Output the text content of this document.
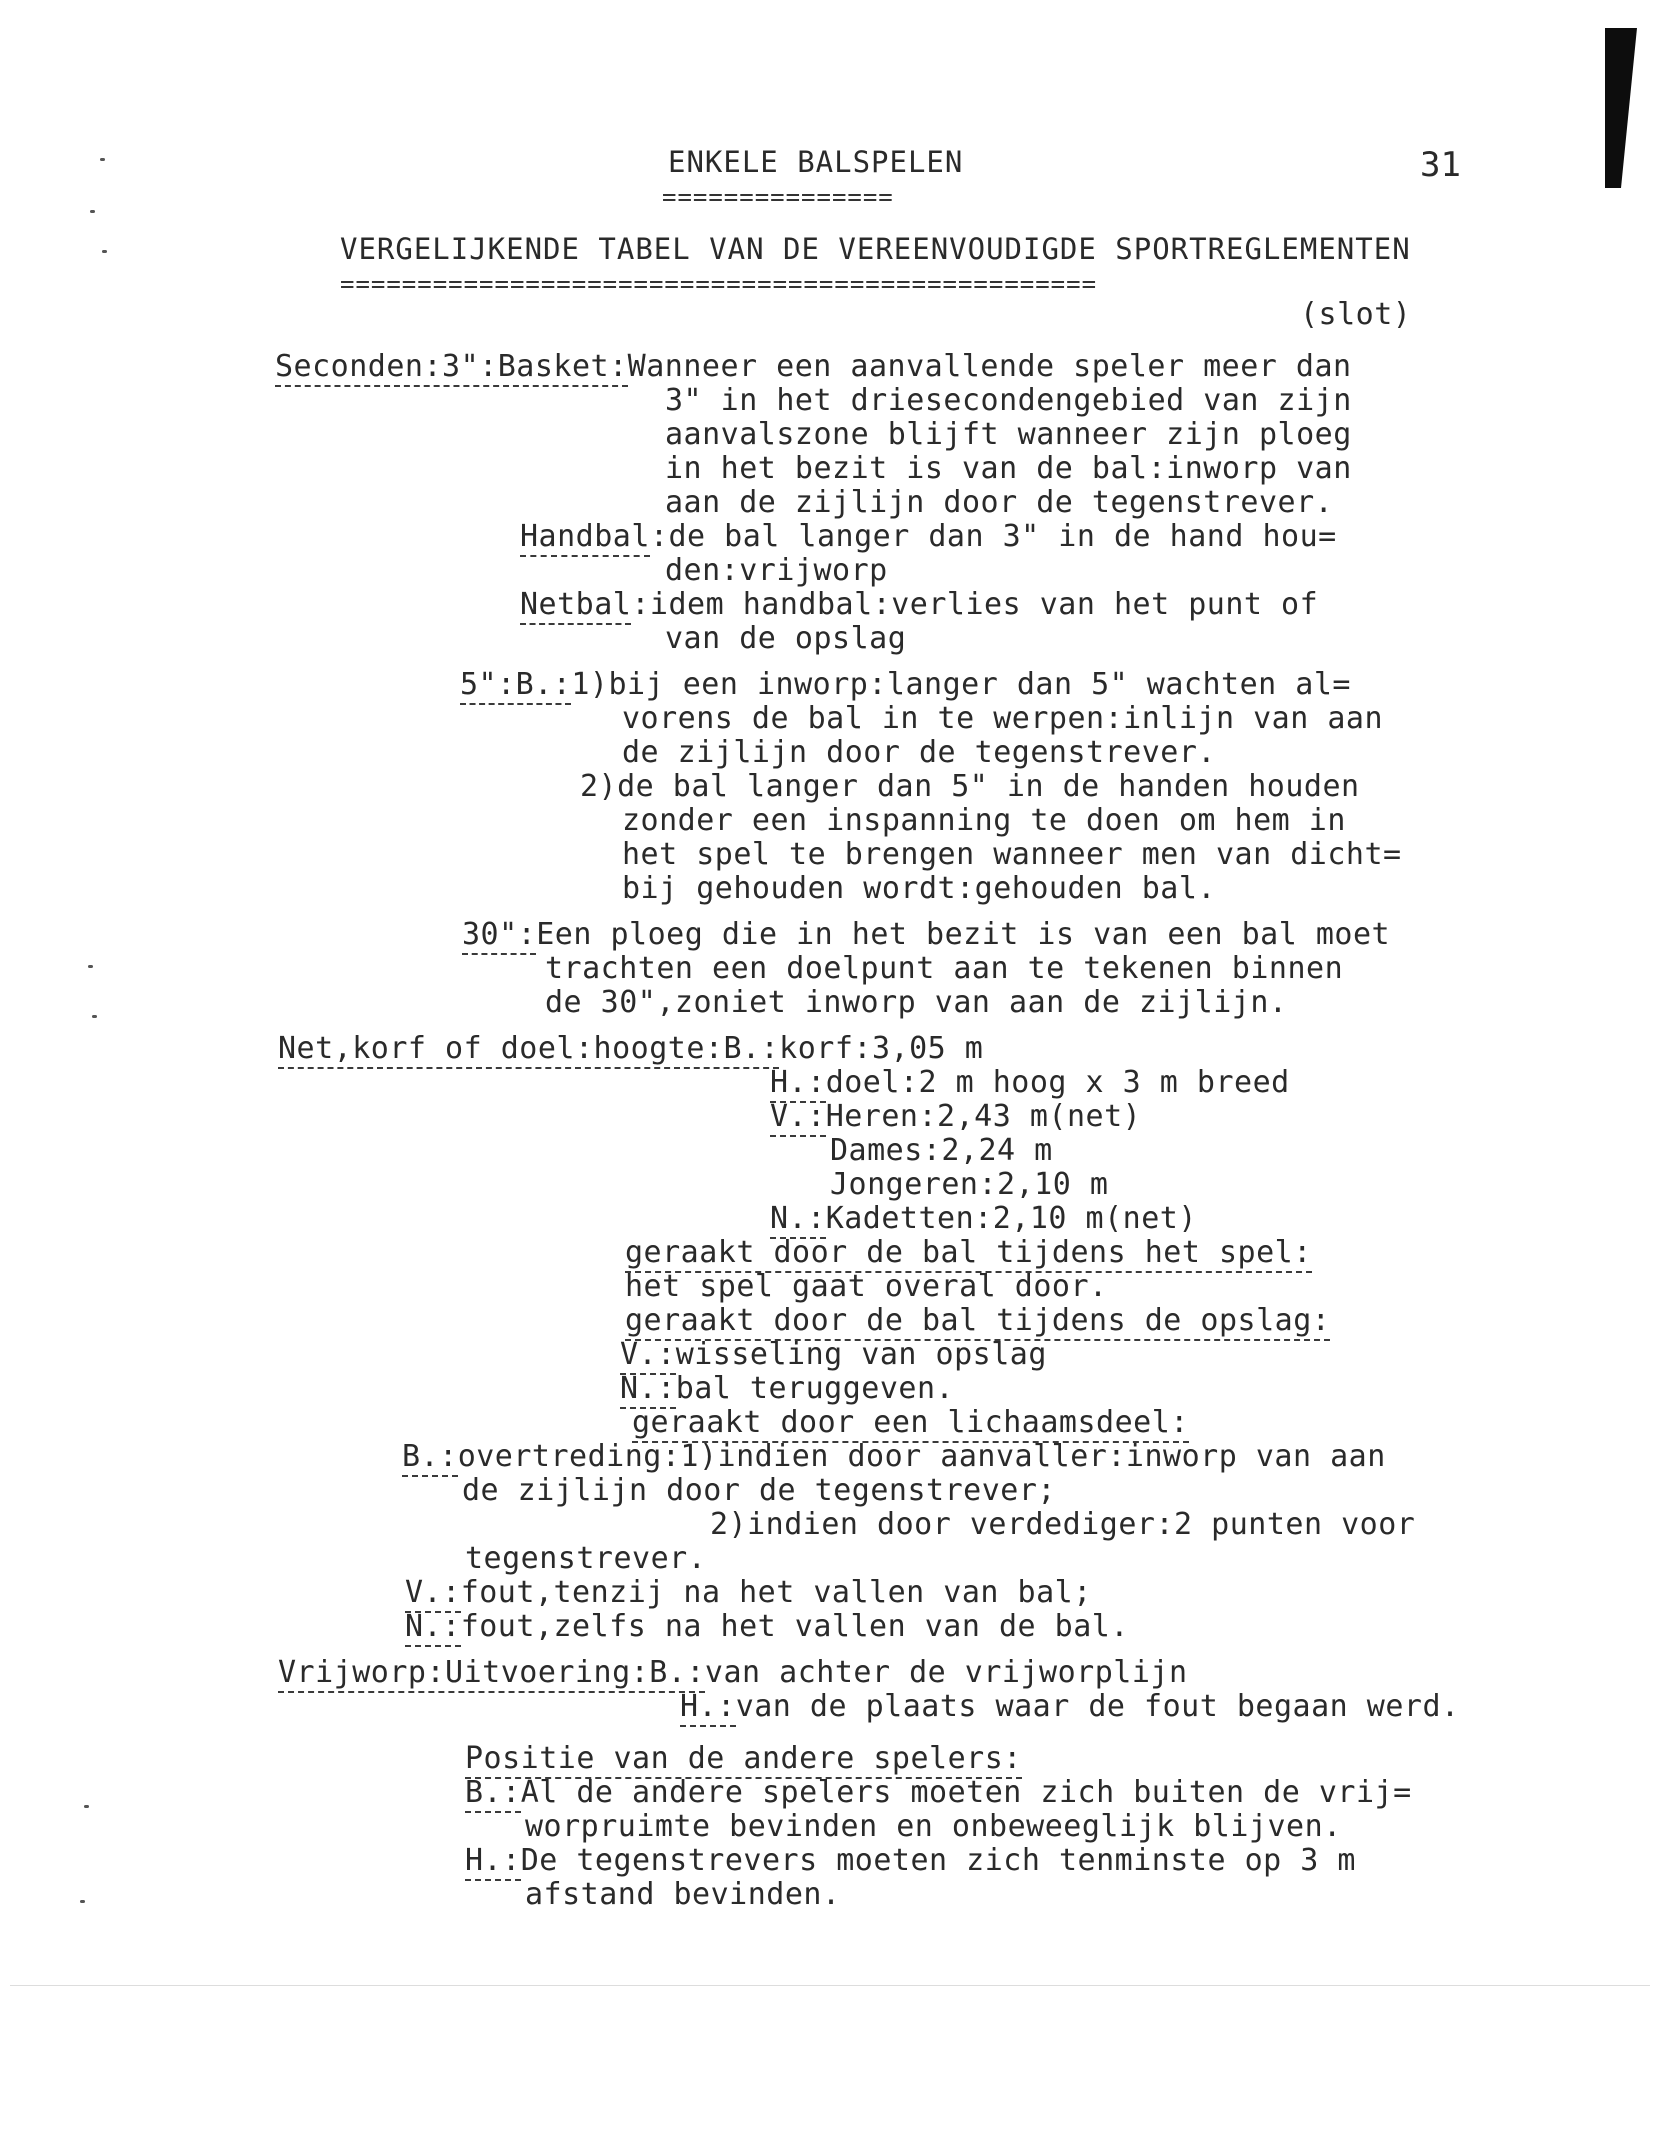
ENKELE BALSPELEN
===============
31
VERGELIJKENDE TABEL VAN DE VEREENVOUDIGDE SPORTREGLEMENTEN
=================================================
(slot)
Seconden:3":Basket:Wanneer een aanvallende speler meer dan
3" in het driesecondengebied van zijn
aanvalszone blijft wanneer zijn ploeg
in het bezit is van de bal:inworp van
aan de zijlijn door de tegenstrever.
Handbal:de bal langer dan 3" in de hand hou=
den:vrijworp
Netbal:idem handbal:verlies van het punt of
van de opslag
5":B.:1)bij een inworp:langer dan 5" wachten al=
vorens de bal in te werpen:inlijn van aan
de zijlijn door de tegenstrever.
2)de bal langer dan 5" in de handen houden
zonder een inspanning te doen om hem in
het spel te brengen wanneer men van dicht=
bij gehouden wordt:gehouden bal.
30":Een ploeg die in het bezit is van een bal moet
trachten een doelpunt aan te tekenen binnen
de 30",zoniet inworp van aan de zijlijn.
Net,korf of doel:hoogte:B.:korf:3,05 m
H.:doel:2 m hoog x 3 m breed
V.:Heren:2,43 m(net)
Dames:2,24 m
Jongeren:2,10 m
N.:Kadetten:2,10 m(net)
geraakt door de bal tijdens het spel:
het spel gaat overal door.
geraakt door de bal tijdens de opslag:
V.:wisseling van opslag
N.:bal teruggeven.
geraakt door een lichaamsdeel:
B.:overtreding:1)indien door aanvaller:inworp van aan
de zijlijn door de tegenstrever;
2)indien door verdediger:2 punten voor
tegenstrever.
V.:fout,tenzij na het vallen van bal;
N.:fout,zelfs na het vallen van de bal.
Vrijworp:Uitvoering:B.:van achter de vrijworplijn
H.:van de plaats waar de fout begaan werd.
Positie van de andere spelers:
B.:Al de andere spelers moeten zich buiten de vrij=
worpruimte bevinden en onbeweeglijk blijven.
H.:De tegenstrevers moeten zich tenminste op 3 m
afstand bevinden.
